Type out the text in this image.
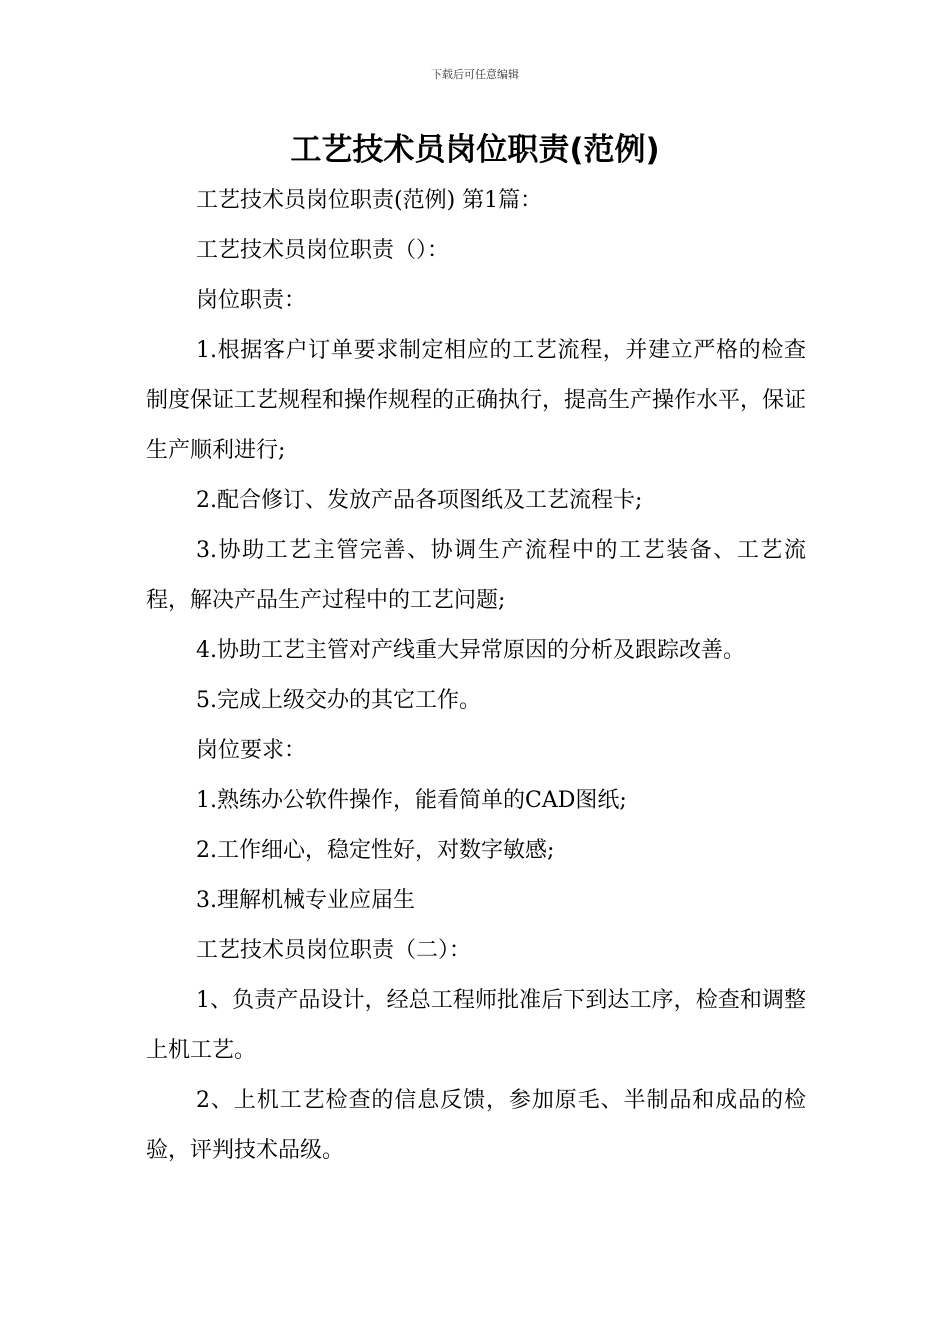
下载后可任意编辑
工艺技术员岗位职责(范例)

工艺技术员岗位职责(范例) 第1篇：

工艺技术员岗位职责（）：

岗位职责：

1.根据客户订单要求制定相应的工艺流程，并建立严格的检查制度保证工艺规程和操作规程的正确执行，提高生产操作水平，保证生产顺利进行;

2.配合修订、发放产品各项图纸及工艺流程卡;

3.协助工艺主管完善、协调生产流程中的工艺装备、工艺流程，解决产品生产过程中的工艺问题;

4.协助工艺主管对产线重大异常原因的分析及跟踪改善。

5.完成上级交办的其它工作。

岗位要求：

1.熟练办公软件操作，能看简单的CAD图纸;

2.工作细心，稳定性好，对数字敏感;

3.理解机械专业应届生

工艺技术员岗位职责（二）：

1、负责产品设计，经总工程师批准后下到达工序，检查和调整上机工艺。

2、上机工艺检查的信息反馈，参加原毛、半制品和成品的检验，评判技术品级。
